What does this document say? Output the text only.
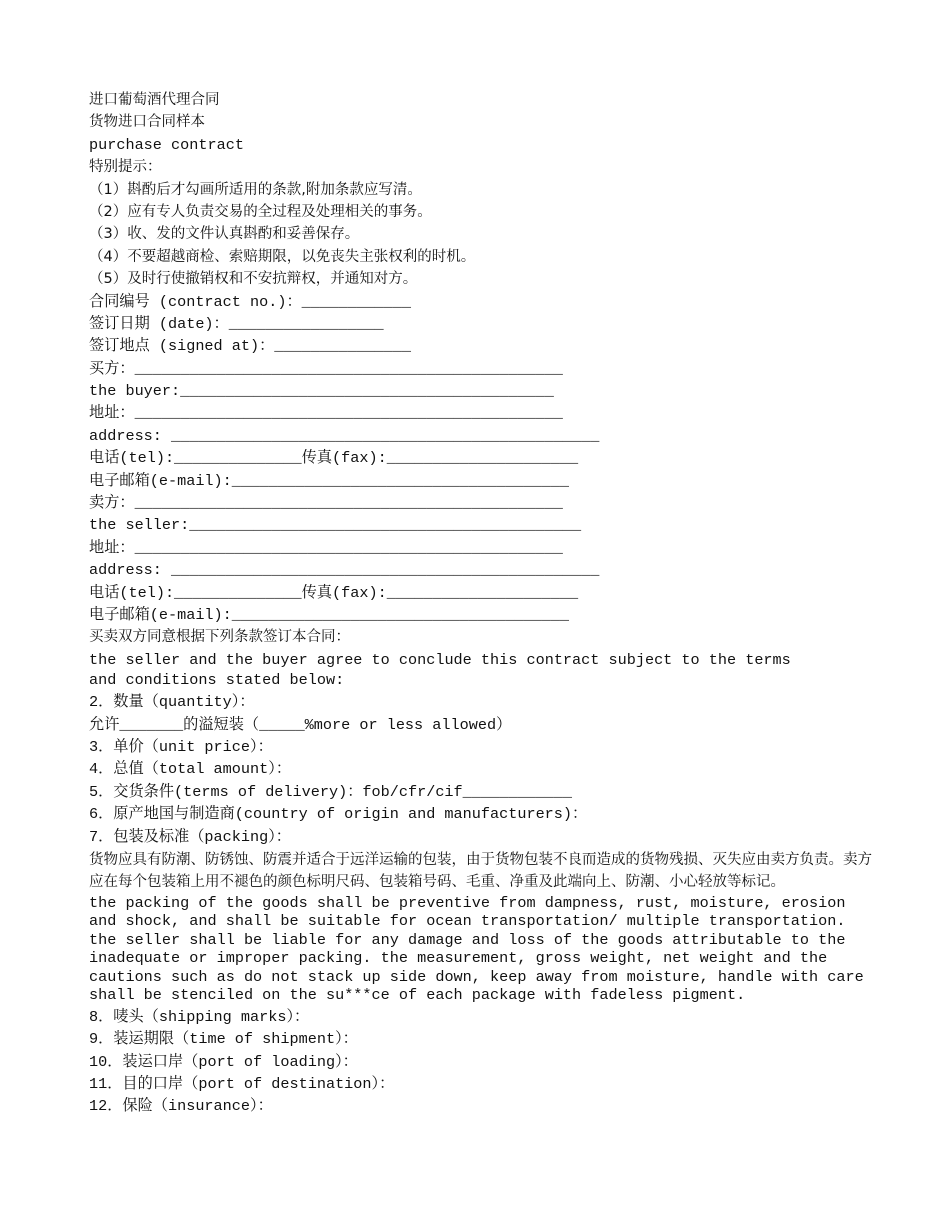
进口葡萄酒代理合同
货物进口合同样本
purchase contract
特别提示：
（1）斟酌后才勾画所适用的条款,附加条款应写清。
（2）应有专人负责交易的全过程及处理相关的事务。
（3）收、发的文件认真斟酌和妥善保存。
（4）不要超越商检、索赔期限，以免丧失主张权利的时机。
（5）及时行使撤销权和不安抗辩权，并通知对方。
合同编号 (contract no.)：____________
签订日期 (date)：_________________
签订地点 (signed at)：_______________
买方：_______________________________________________
the buyer:_________________________________________
地址：_______________________________________________
address: _______________________________________________
电话(tel):______________传真(fax):_____________________
电子邮箱(e-mail):_____________________________________
卖方：_______________________________________________
the seller:___________________________________________
地址：_______________________________________________
address: _______________________________________________
电话(tel):______________传真(fax):_____________________
电子邮箱(e-mail):_____________________________________
买卖双方同意根据下列条款签订本合同：
the seller and the buyer agree to conclude this contract subject to the terms
and conditions stated below:
2．数量（quantity）：
允许_______的溢短装（_____%more or less allowed）
3．单价（unit price）：
4．总值（total amount）：
5．交货条件(terms of delivery)：fob/cfr/cif____________
6．原产地国与制造商(country of origin and manufacturers)：
7．包装及标准（packing）：
货物应具有防潮、防锈蚀、防震并适合于远洋运输的包装，由于货物包装不良而造成的货物残损、灭失应由卖方负责。卖方应在每个包装箱上用不褪色的颜色标明尺码、包装箱号码、毛重、净重及此端向上、防潮、小心轻放等标记。
the packing of the goods shall be preventive from dampness, rust, moisture, erosion and shock, and shall be suitable for ocean transportation/ multiple transportation. the seller shall be liable for any damage and loss of the goods attributable to the inadequate or improper packing. the measurement, gross weight, net weight and the cautions such as do not stack up side down, keep away from moisture, handle with care shall be stenciled on the su***ce of each package with fadeless pigment.
8．唛头（shipping marks）：
9．装运期限（time of shipment）：
10．装运口岸（port of loading）：
11．目的口岸（port of destination）：
12．保险（insurance）：
